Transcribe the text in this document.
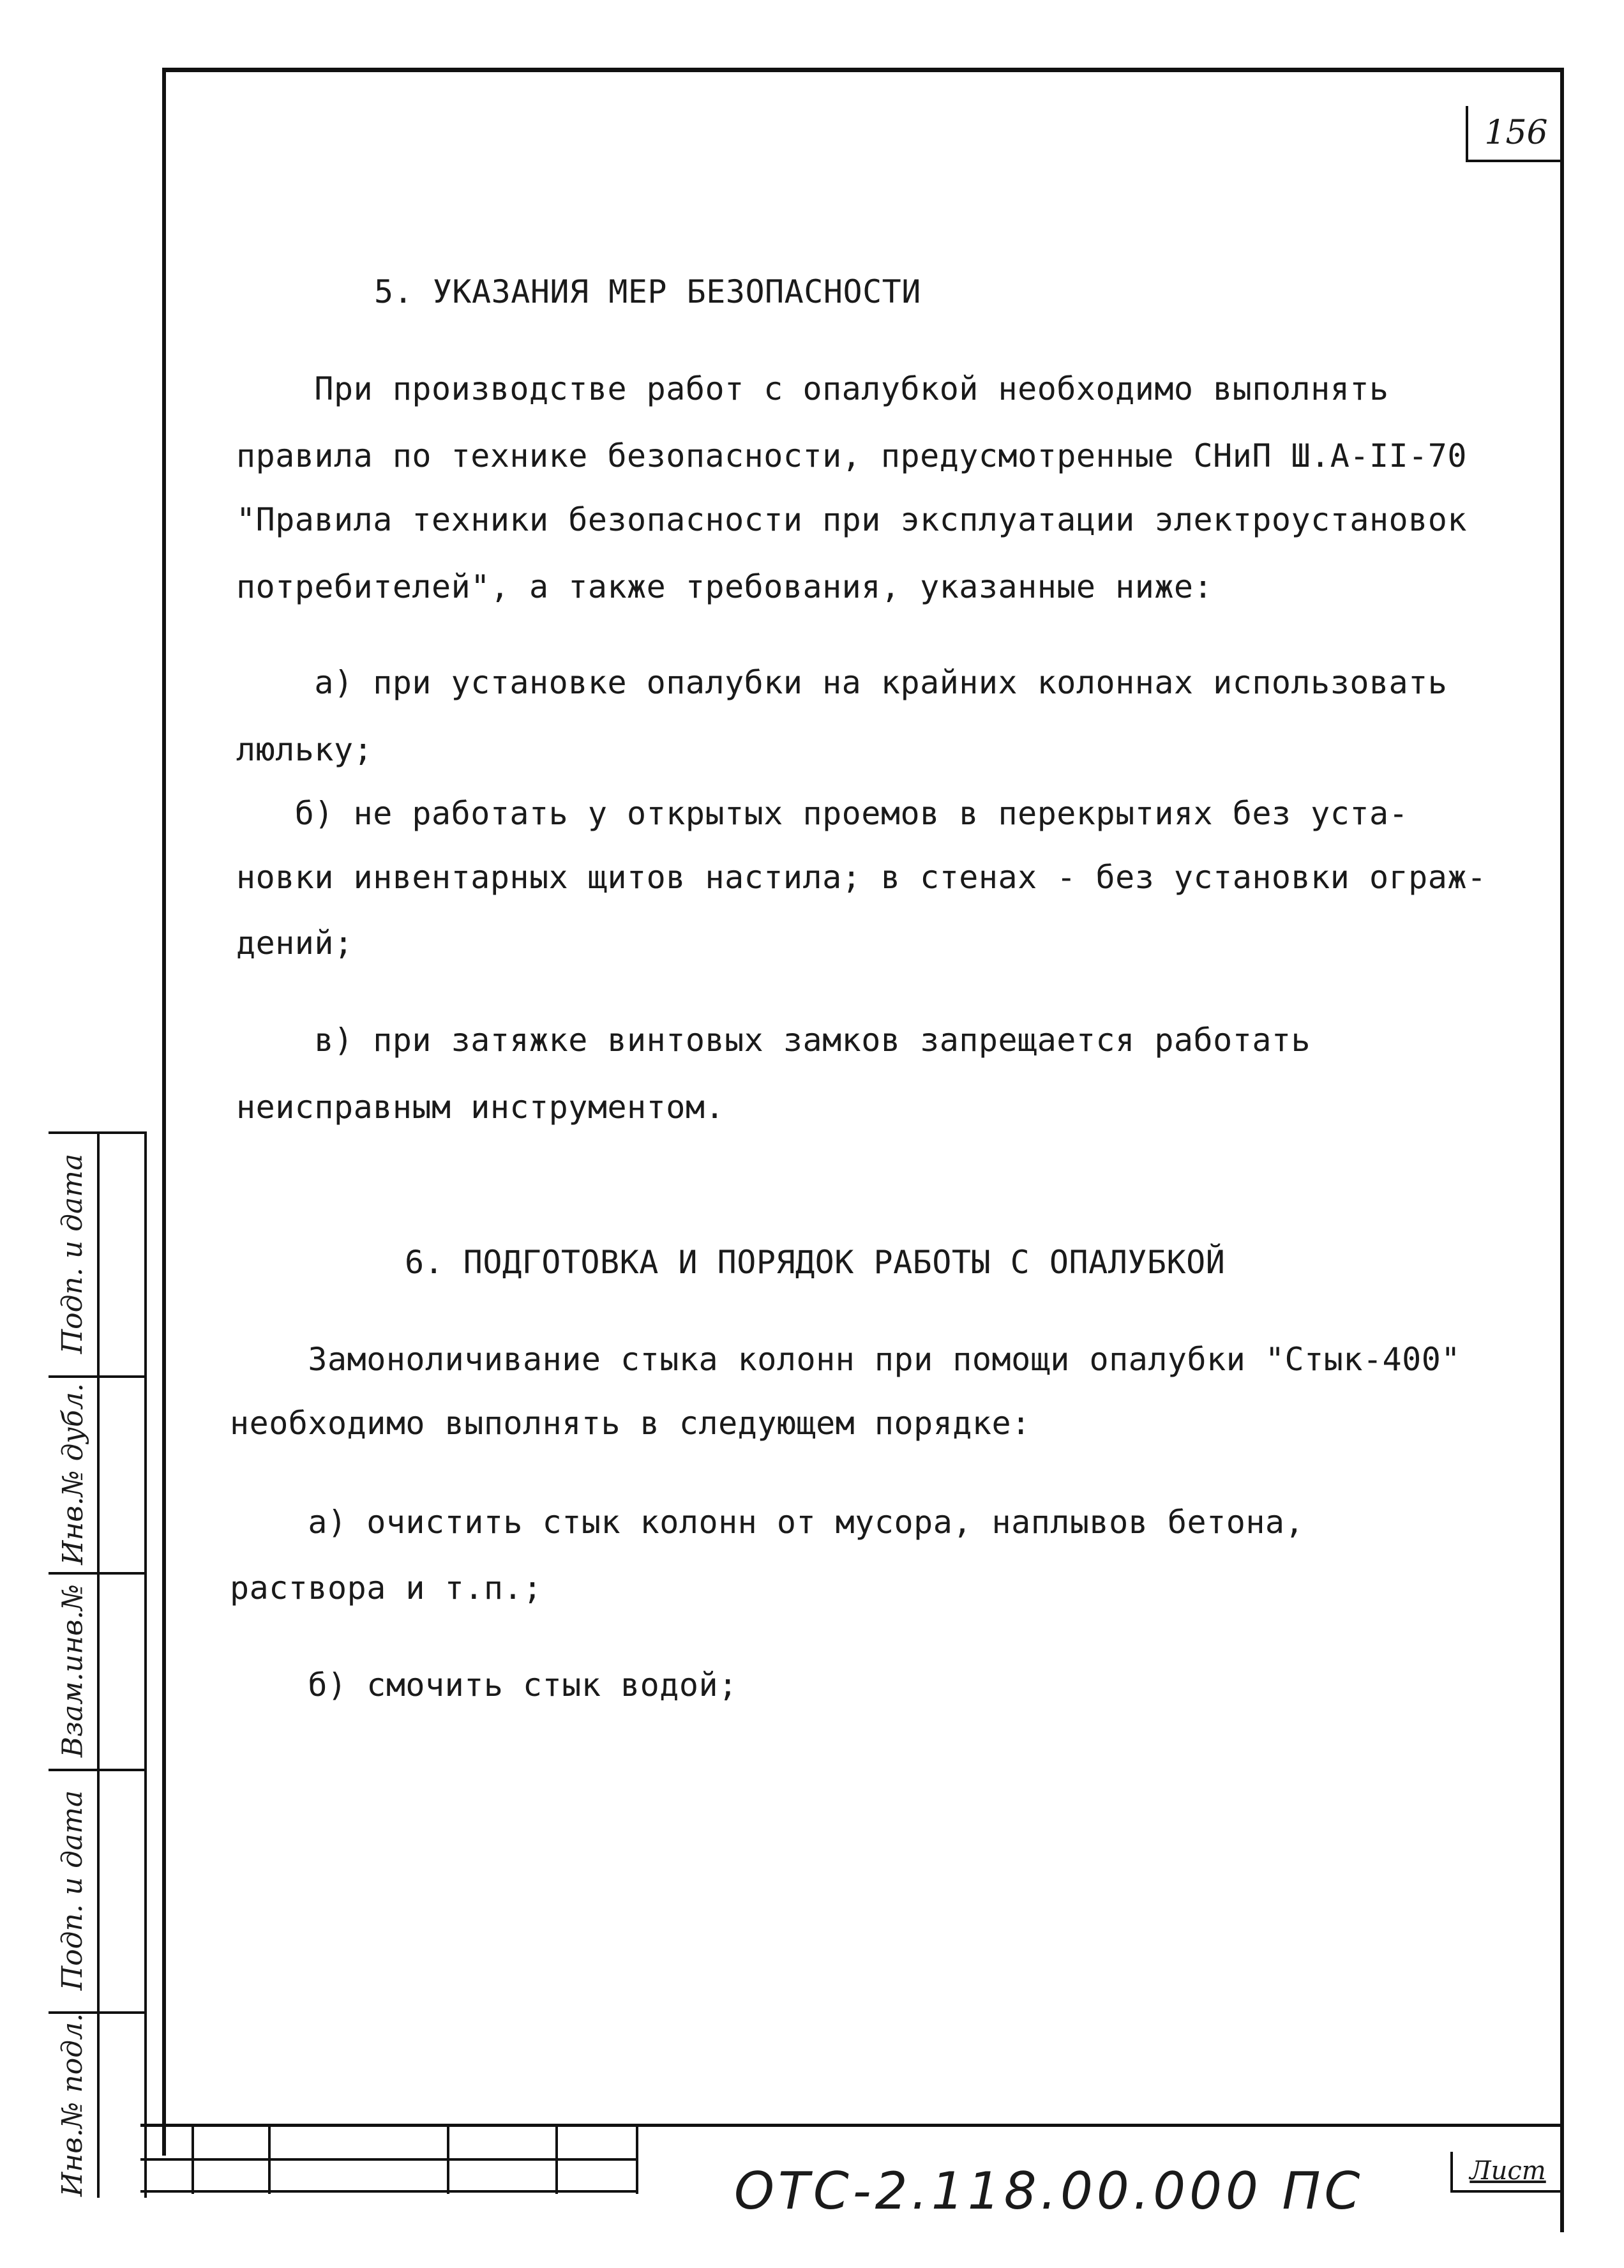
156
5. УКАЗАНИЯ МЕР БЕЗОПАСНОСТИ
При производстве работ с опалубкой необходимо выполнять
правила по технике безопасности, предусмотренные СНиП Ш.А-II-70
"Правила техники безопасности при эксплуатации электроустановок
потребителей", а также требования, указанные ниже:
а) при установке опалубки на крайних колоннах использовать
люльку;
б) не работать у открытых проемов в перекрытиях без уста-
новки инвентарных щитов настила; в стенах - без установки ограж-
дений;
в) при затяжке винтовых замков запрещается работать
неисправным инструментом.
6. ПОДГОТОВКА И ПОРЯДОК РАБОТЫ С ОПАЛУБКОЙ
Замоноличивание стыка колонн при помощи опалубки "Стык-400"
необходимо выполнять в следующем порядке:
а) очистить стык колонн от мусора, наплывов бетона,
раствора и т.п.;
б) смочить стык водой;
Подп. и дата
Инв.№ дубл.
Взам.инв.№
Подп. и дата
Инв.№ подл.	ОТС-2.118.00.000 ПС	Лист
